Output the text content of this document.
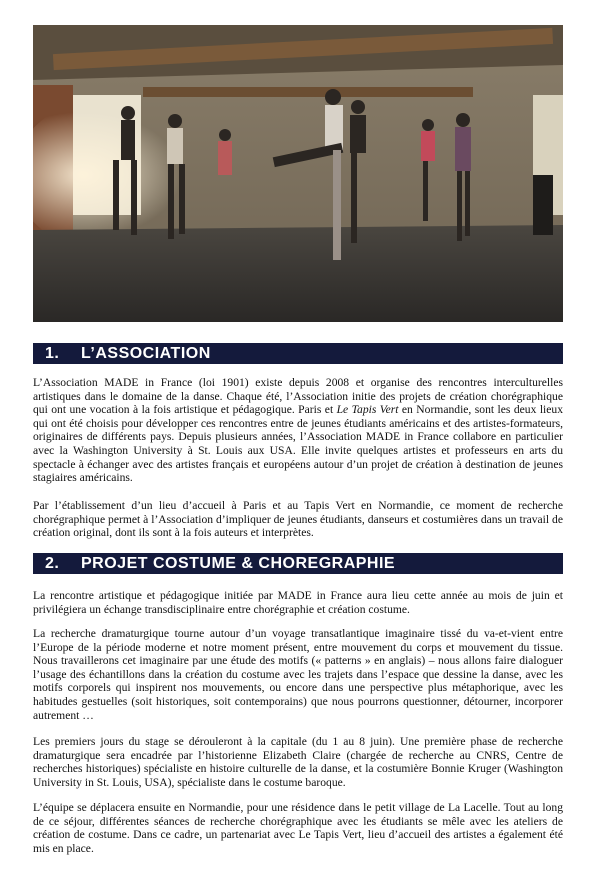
1. L’ASSOCIATION

L’Association MADE in France (loi 1901) existe depuis 2008 et organise des rencontres interculturelles artistiques dans le domaine de la danse. Chaque été, l’Association initie des projets de création chorégraphique qui ont une vocation à la fois artistique et pédagogique. Paris et Le Tapis Vert en Normandie, sont les deux lieux qui ont été choisis pour développer ces rencontres entre de jeunes étudiants américains et des artistes-formateurs, originaires de différents pays. Depuis plusieurs années, l’Association MADE in France collabore en particulier avec la Washington University à St. Louis aux USA. Elle invite quelques artistes et professeurs en arts du spectacle à échanger avec des artistes français et européens autour d’un projet de création à destination de jeunes stagiaires américains.

Par l’établissement d’un lieu d’accueil à Paris et au Tapis Vert en Normandie, ce moment de recherche chorégraphique permet à l’Association d’impliquer de jeunes étudiants, danseurs et costumières dans un travail de création original, dont ils sont à la fois auteurs et interprètes.

2. PROJET COSTUME & CHOREGRAPHIE

La rencontre artistique et pédagogique initiée par MADE in France aura lieu cette année au mois de juin et privilégiera un échange transdisciplinaire entre chorégraphie et création costume.

La recherche dramaturgique tourne autour d’un voyage transatlantique imaginaire tissé du va-et-vient entre l’Europe de la période moderne et notre moment présent, entre mouvement du corps et mouvement du tissue. Nous travaillerons cet imaginaire par une étude des motifs (« patterns » en anglais) – nous allons faire dialoguer l’usage des échantillons dans la création du costume avec les trajets dans l’espace que dessine la danse, avec les motifs corporels qui inspirent nos mouvements, ou encore dans une perspective plus métaphorique, avec les habitudes gestuelles (soit historiques, soit contemporains) que nous pourrons questionner, détourner, incorporer autrement …

Les premiers jours du stage se dérouleront à la capitale (du 1 au 8 juin). Une première phase de recherche dramaturgique sera encadrée par l’historienne Elizabeth Claire (chargée de recherche au CNRS, Centre de recherches historiques) spécialiste en histoire culturelle de la danse, et la costumière Bonnie Kruger (Washington University in St. Louis, USA), spécialiste dans le costume baroque.

L’équipe se déplacera ensuite en Normandie, pour une résidence dans le petit village de La Lacelle. Tout au long de ce séjour, différentes séances de recherche chorégraphique avec les étudiants se mêle avec les ateliers de création de costume. Dans ce cadre, un partenariat avec Le Tapis Vert, lieu d’accueil des artistes a également été mis en place.
